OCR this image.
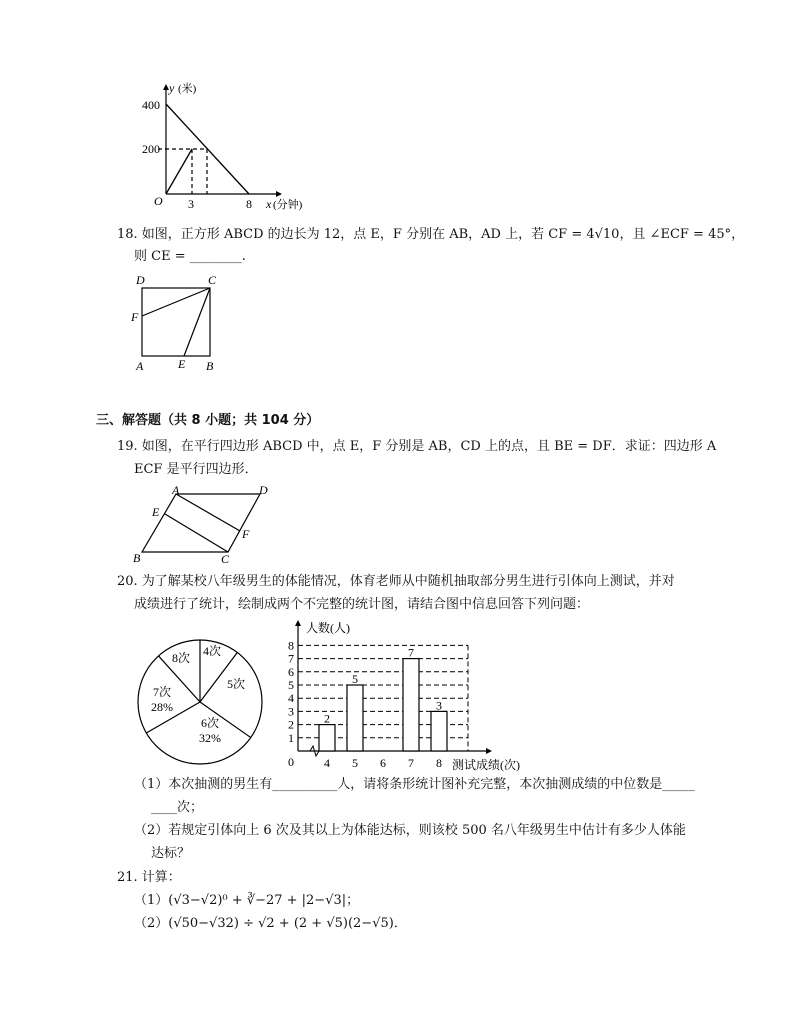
y (米)
400
200
O 3	8 x (分钟)
18. 如图，正方形 ABCD 的边长为 12，点 E，F 分别在 AB，AD 上，若 CF = 4√10，且 ∠ECF = 45°，
则 CE = ________.
D	C
F
A	E B
三、解答题（共 8 小题；共 104 分）
19. 如图，在平行四边形 ABCD 中，点 E，F 分别是 AB，CD 上的点，且 BE = DF．求证：四边形 A
ECF 是平行四边形．
A	D
E
F
B	C
20. 为了解某校八年级男生的体能情况，体育老师从中随机抽取部分男生进行引体向上测试，并对
成绩进行了统计，绘制成两个不完整的统计图，请结合图中信息回答下列问题：
4次
5次
6次
32%
7次
28%
8次
1
2
3
4
5
6
7
8
0
人数(人)
测试成绩(次)
4
2
5
5
6 7
7
8
3
（1）本次抽测的男生有__________人，请将条形统计图补充完整，本次抽测成绩的中位数是_____
____次；
（2）若规定引体向上 6 次及其以上为体能达标，则该校 500 名八年级男生中估计有多少人体能
达标？
21. 计算：
（1）(√3−√2)⁰ + ∛−27 + |2−√3|；
（2）(√50−√32) ÷ √2 + (2 + √5)(2−√5)．
